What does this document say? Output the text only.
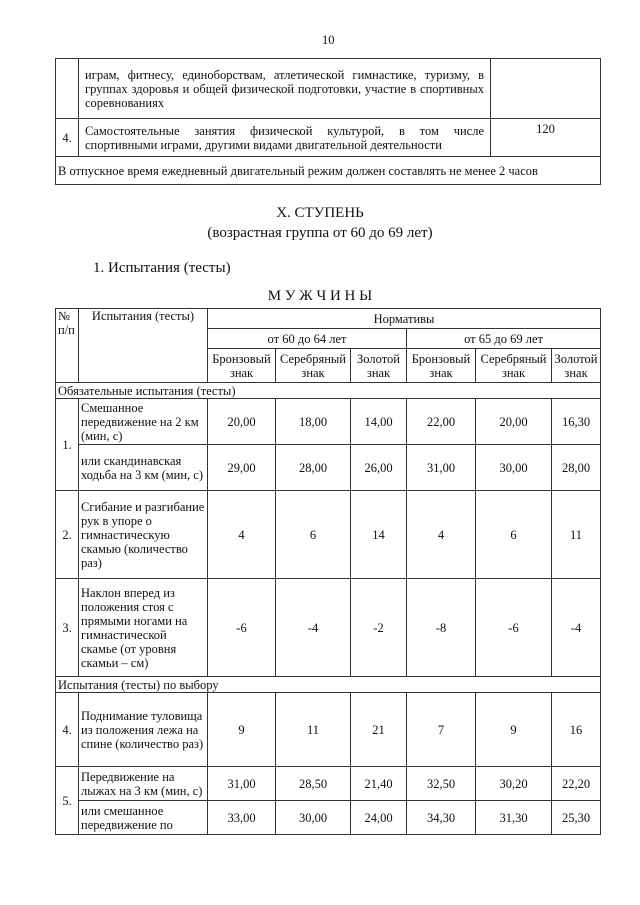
10
	играм, фитнесу, единоборствам, атлетической гимнастике, туризму, в группах здоровья и общей физической подготовки, участие в спортивных соревнованиях	
4.	Самостоятельные занятия физической культурой, в том числе спортивными играми, другими видами двигательной деятельности	120
В отпускное время ежедневный двигательный режим должен составлять не менее 2 часов		
X. СТУПЕНЬ
(возрастная группа от 60 до 69 лет)
1. Испытания (тесты)
М У Ж Ч И Н Ы
№ п/п	Испытания (тесты)	Нормативы					
		от 60 до 64 лет			от 65 до 69 лет		
		Бронзовый знак	Серебряный знак	Золотой знак	Бронзовый знак	Серебряный знак	Золотой знак
Обязательные испытания (тесты)							
1.	Смешанное передвижение на 2 км (мин, с)	20,00	18,00	14,00	22,00	20,00	16,30
	или скандинавская ходьба на 3 км (мин, с)	29,00	28,00	26,00	31,00	30,00	28,00
2.	Сгибание и разгибание рук в упоре о гимнастическую скамью (количество раз)	4	6	14	4	6	11
3.	Наклон вперед из положения стоя с прямыми ногами на гимнастической скамье (от уровня скамьи – см)	-6	-4	-2	-8	-6	-4
Испытания (тесты) по выбору							
4.	Поднимание туловища из положения лежа на спине (количество раз)	9	11	21	7	9	16
5.	Передвижение на лыжах на 3 км (мин, с)	31,00	28,50	21,40	32,50	30,20	22,20
	или смешанное передвижение по	33,00	30,00	24,00	34,30	31,30	25,30
